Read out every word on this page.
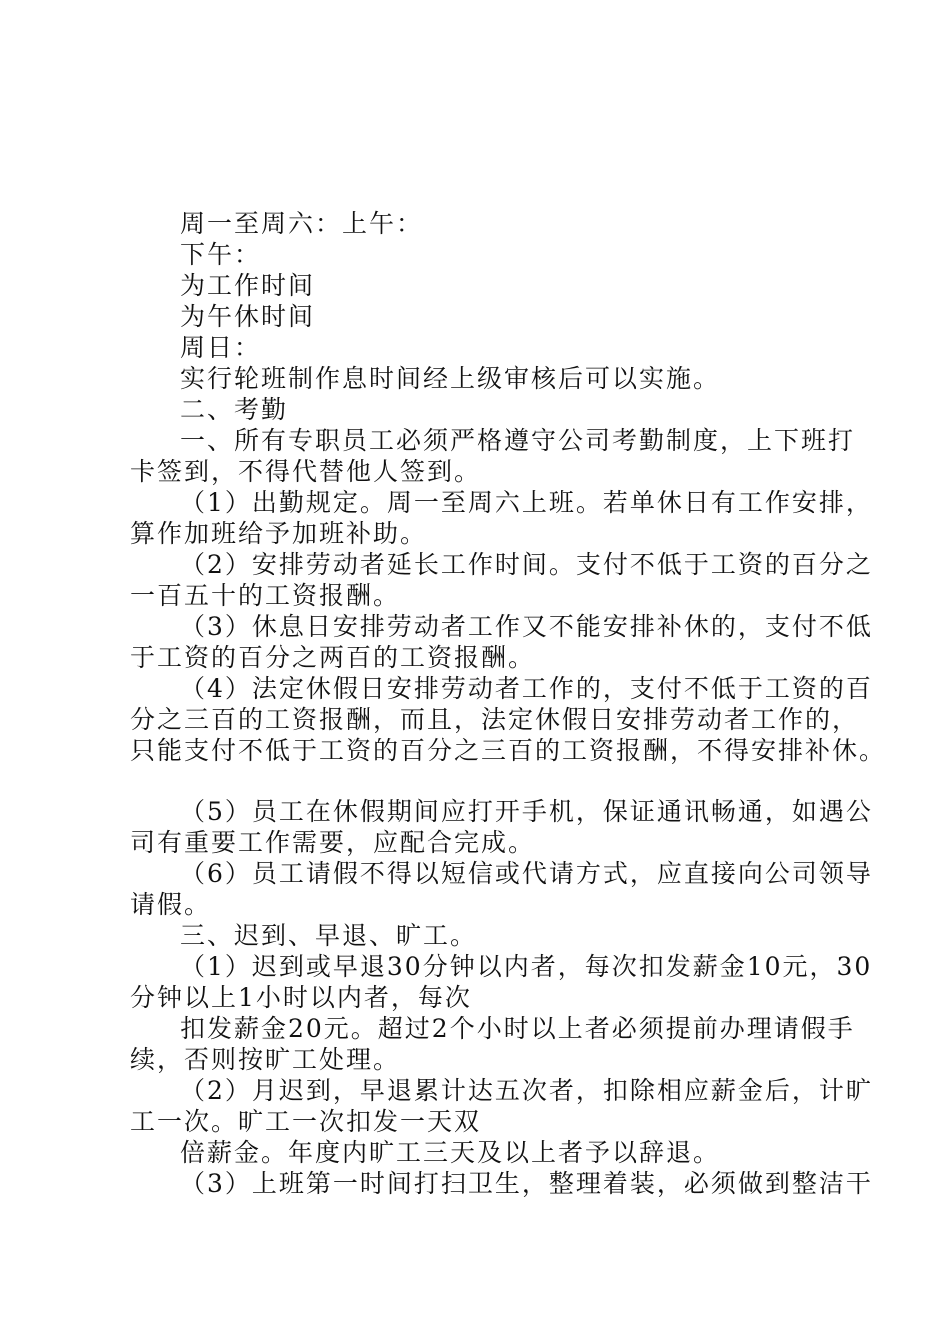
周一至周六：上午：
下午：
为工作时间
为午休时间
周日：
实行轮班制作息时间经上级审核后可以实施。
二、考勤
一、所有专职员工必须严格遵守公司考勤制度，上下班打
卡签到，不得代替他人签到。
（1）出勤规定。周一至周六上班。若单休日有工作安排，
算作加班给予加班补助。
（2）安排劳动者延长工作时间。支付不低于工资的百分之
一百五十的工资报酬。
（3）休息日安排劳动者工作又不能安排补休的，支付不低
于工资的百分之两百的工资报酬。
（4）法定休假日安排劳动者工作的，支付不低于工资的百
分之三百的工资报酬，而且，法定休假日安排劳动者工作的，
只能支付不低于工资的百分之三百的工资报酬，不得安排补休。
（5）员工在休假期间应打开手机，保证通讯畅通，如遇公
司有重要工作需要，应配合完成。
（6）员工请假不得以短信或代请方式，应直接向公司领导
请假。
三、迟到、早退、旷工。
（1）迟到或早退30分钟以内者，每次扣发薪金10元，30
分钟以上1小时以内者，每次
扣发薪金20元。超过2个小时以上者必须提前办理请假手
续，否则按旷工处理。
（2）月迟到，早退累计达五次者，扣除相应薪金后，计旷
工一次。旷工一次扣发一天双
倍薪金。年度内旷工三天及以上者予以辞退。
（3）上班第一时间打扫卫生，整理着装，必须做到整洁干
